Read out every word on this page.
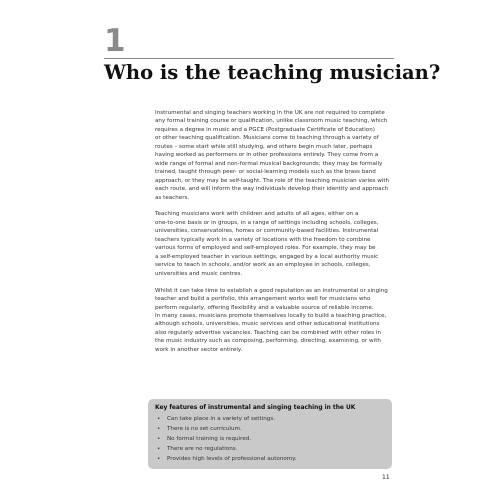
1
Who is the teaching musician?
Instrumental and singing teachers working in the UK are not required to complete
any formal training course or qualification, unlike classroom music teaching, which
requires a degree in music and a PGCE (Postgraduate Certificate of Education)
or other teaching qualification. Musicians come to teaching through a variety of
routes – some start while still studying, and others begin much later, perhaps
having worked as performers or in other professions entirely. They come from a
wide range of formal and non-formal musical backgrounds; they may be formally
trained, taught through peer- or social-learning models such as the brass band
approach, or they may be self-taught. The role of the teaching musician varies with
each route, and will inform the way individuals develop their identity and approach
as teachers.
Teaching musicians work with children and adults of all ages, either on a
one-to-one basis or in groups, in a range of settings including schools, colleges,
universities, conservatoires, homes or community-based facilities. Instrumental
teachers typically work in a variety of locations with the freedom to combine
various forms of employed and self-employed roles. For example, they may be
a self-employed teacher in various settings, engaged by a local authority music
service to teach in schools, and/or work as an employee in schools, colleges,
universities and music centres.
Whilst it can take time to establish a good reputation as an instrumental or singing
teacher and build a portfolio, this arrangement works well for musicians who
perform regularly, offering flexibility and a valuable source of reliable income.
In many cases, musicians promote themselves locally to build a teaching practice,
although schools, universities, music services and other educational institutions
also regularly advertise vacancies. Teaching can be combined with other roles in
the music industry such as composing, performing, directing, examining, or with
work in another sector entirely.
Key features of instrumental and singing teaching in the UK
• Can take place in a variety of settings.
• There is no set curriculum.
• No formal training is required.
• There are no regulations.
• Provides high levels of professional autonomy.
11
